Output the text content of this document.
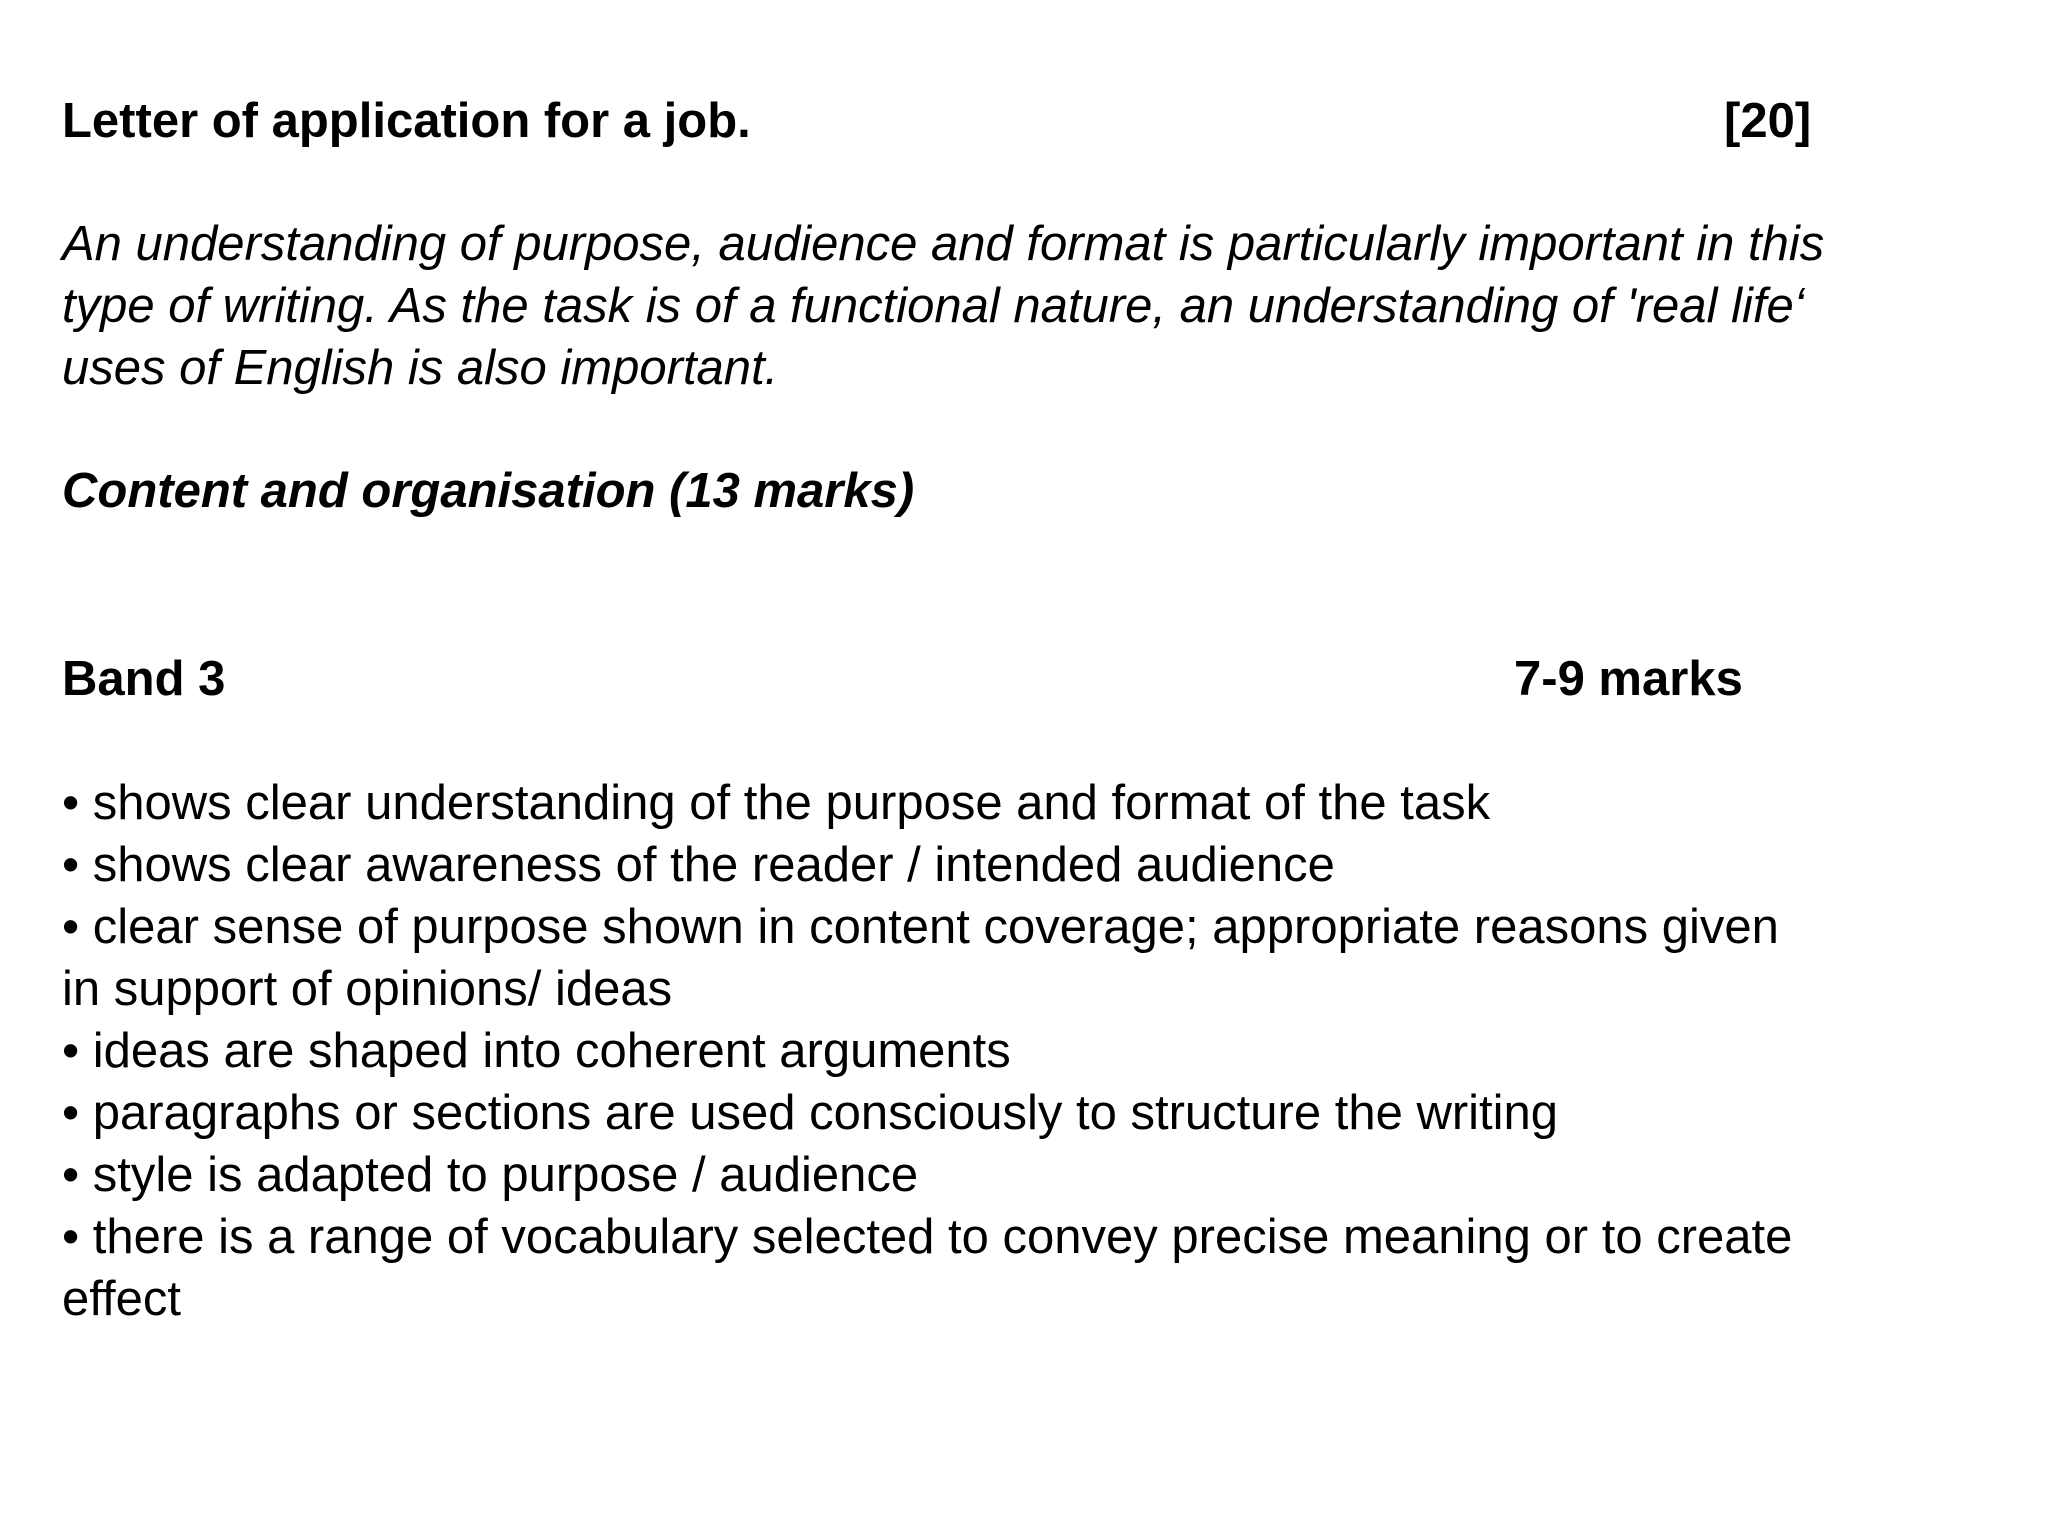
Letter of application for a job.	[20]
An understanding of purpose, audience and format is particularly important in this
type of writing. As the task is of a functional nature, an understanding of 'real life‘
uses of English is also important.
Content and organisation (13 marks)
Band 3	7-9 marks
• shows clear understanding of the purpose and format of the task
• shows clear awareness of the reader / intended audience
• clear sense of purpose shown in content coverage; appropriate reasons given
in support of opinions/ ideas
• ideas are shaped into coherent arguments
• paragraphs or sections are used consciously to structure the writing
• style is adapted to purpose / audience
• there is a range of vocabulary selected to convey precise meaning or to create
effect
